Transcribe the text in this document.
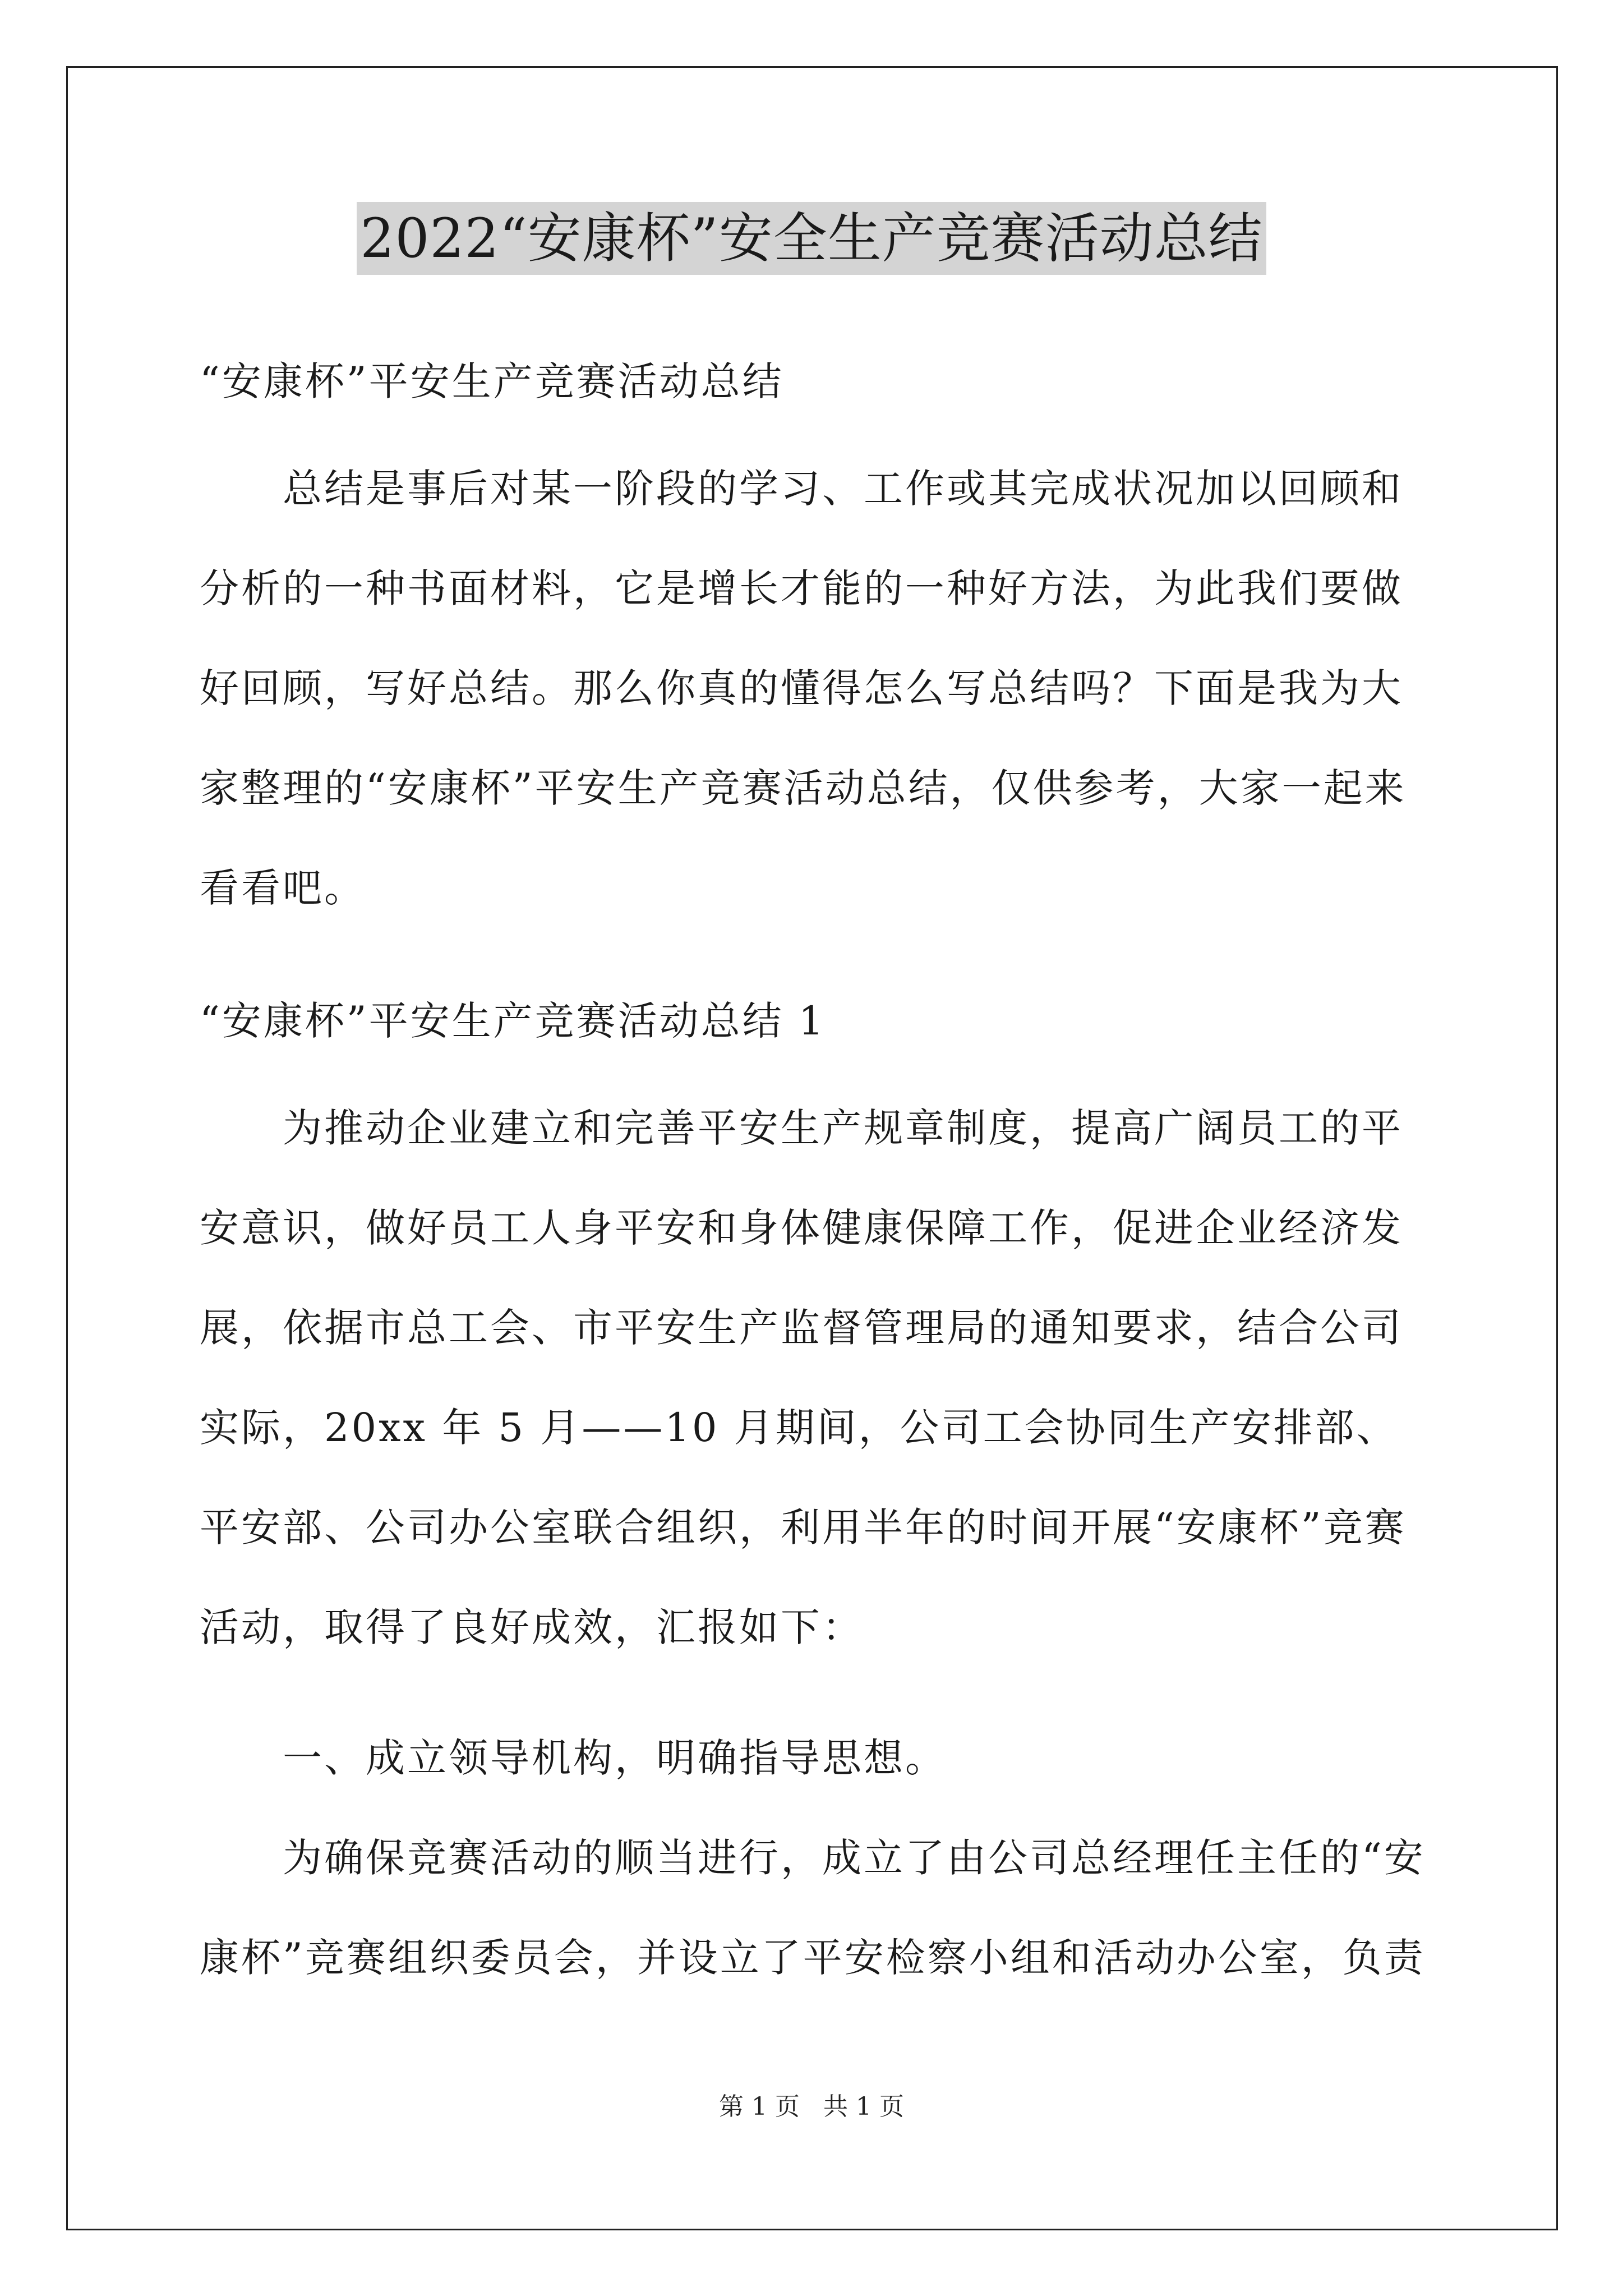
2022“安康杯”安全生产竞赛活动总结
“安康杯”平安生产竞赛活动总结

总结是事后对某一阶段的学习、工作或其完成状况加以回顾和分析的一种书面材料，它是增长才能的一种好方法，为此我们要做好回顾，写好总结。那么你真的懂得怎么写总结吗？下面是我为大家整理的“安康杯”平安生产竞赛活动总结，仅供参考，大家一起来看看吧。

“安康杯”平安生产竞赛活动总结 1

为推动企业建立和完善平安生产规章制度，提高广阔员工的平安意识，做好员工人身平安和身体健康保障工作，促进企业经济发展，依据市总工会、市平安生产监督管理局的通知要求，结合公司实际，20xx 年 5 月——10 月期间，公司工会协同生产安排部、平安部、公司办公室联合组织，利用半年的时间开展“安康杯”竞赛活动，取得了良好成效，汇报如下：

一、成立领导机构，明确指导思想。

为确保竞赛活动的顺当进行，成立了由公司总经理任主任的“安康杯”竞赛组织委员会，并设立了平安检察小组和活动办公室，负责

第 1 页 共 1 页
